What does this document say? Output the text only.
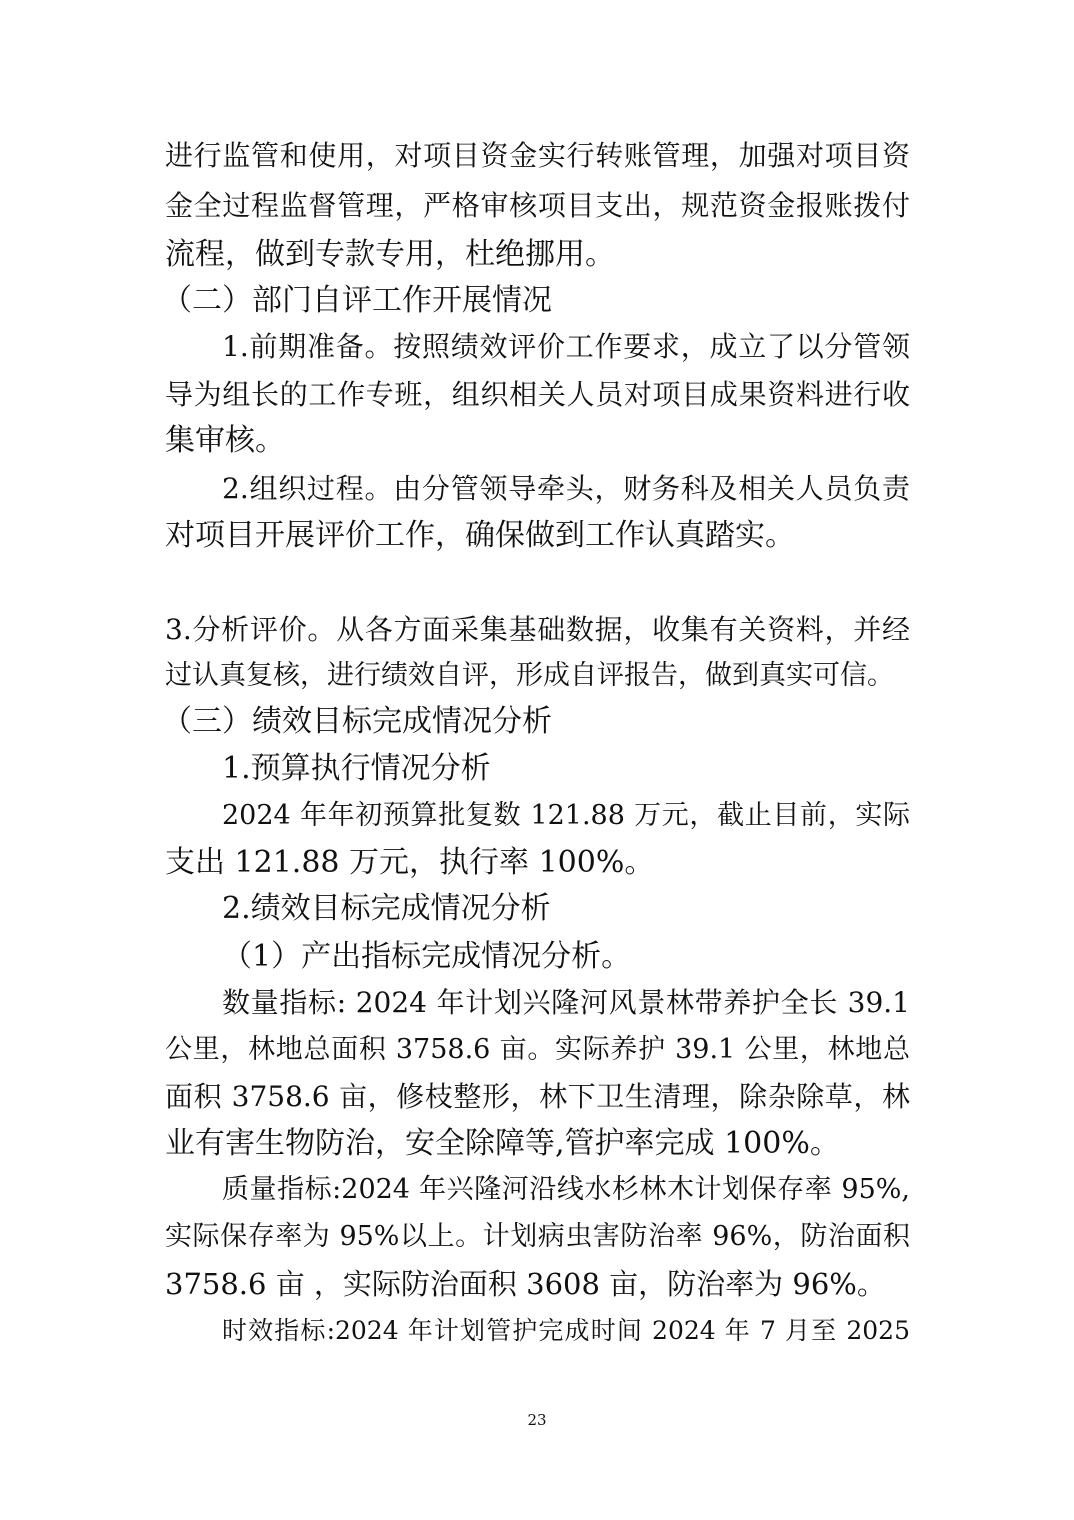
进行监管和使用，对项目资金实行转账管理，加强对项目资
金全过程监督管理，严格审核项目支出，规范资金报账拨付
流程，做到专款专用，杜绝挪用。
（二）部门自评工作开展情况
1.前期准备。按照绩效评价工作要求，成立了以分管领
导为组长的工作专班，组织相关人员对项目成果资料进行收
集审核。
2.组织过程。由分管领导牵头，财务科及相关人员负责
对项目开展评价工作，确保做到工作认真踏实。
3.分析评价。从各方面采集基础数据，收集有关资料，并经
过认真复核，进行绩效自评，形成自评报告，做到真实可信。
（三）绩效目标完成情况分析
1.预算执行情况分析
2024 年年初预算批复数 121.88 万元，截止目前，实际
支出 121.88 万元，执行率 100%。
2.绩效目标完成情况分析
（1）产出指标完成情况分析。
数量指标: 2024 年计划兴隆河风景林带养护全长 39.1
公里，林地总面积 3758.6 亩。实际养护 39.1 公里，林地总
面积 3758.6 亩，修枝整形，林下卫生清理，除杂除草，林
业有害生物防治，安全除障等,管护率完成 100%。
质量指标:2024 年兴隆河沿线水杉林木计划保存率 95%,
实际保存率为 95%以上。计划病虫害防治率 96%，防治面积
3758.6 亩 ，实际防治面积 3608 亩，防治率为 96%。
时效指标:2024 年计划管护完成时间 2024 年 7 月至 2025
23
